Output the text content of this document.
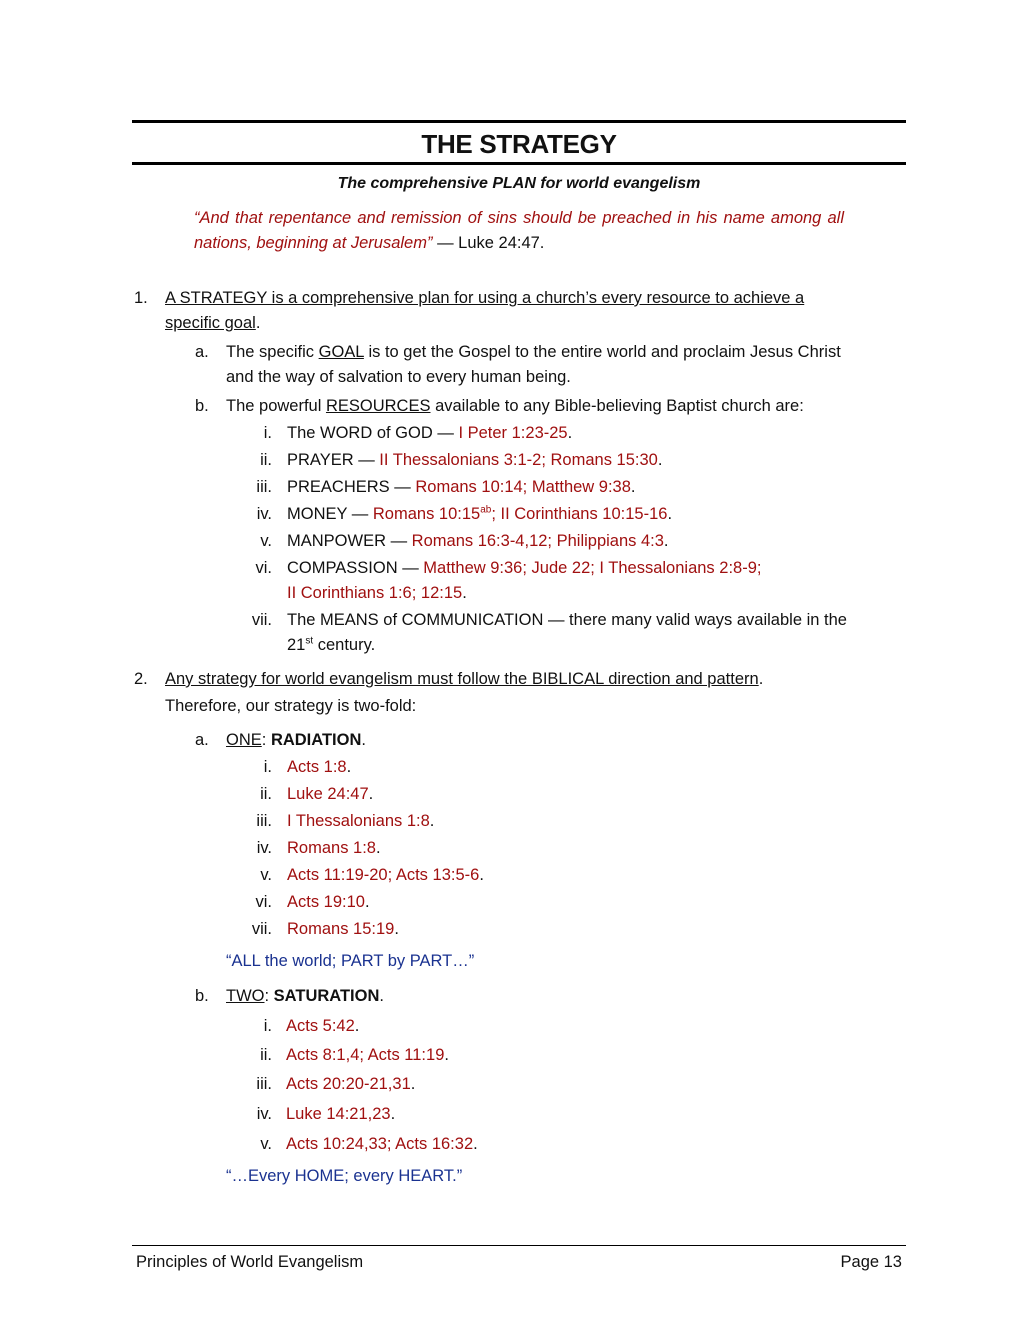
THE STRATEGY
The comprehensive PLAN for world evangelism
“And that repentance and remission of sins should be preached in his name among all nations, beginning at Jerusalem” — Luke 24:47.
1. A STRATEGY is a comprehensive plan for using a church’s every resource to achieve a
specific goal.
a. The specific GOAL is to get the Gospel to the entire world and proclaim Jesus Christ
and the way of salvation to every human being.
b. The powerful RESOURCES available to any Bible-believing Baptist church are:
i. The WORD of GOD — I Peter 1:23-25.
ii. PRAYER — II Thessalonians 3:1-2; Romans 15:30.
iii. PREACHERS — Romans 10:14; Matthew 9:38.
iv. MONEY — Romans $10:15^{ab}$; II Corinthians 10:15-16.
v. MANPOWER — Romans 16:3-4,12; Philippians 4:3.
vi. COMPASSION — Matthew 9:36; Jude 22; I Thessalonians 2:8-9;
II Corinthians 1:6; 12:15.
vii. The MEANS of COMMUNICATION — there many valid ways available in the
21st century.
2. Any strategy for world evangelism must follow the BIBLICAL direction and pattern.
Therefore, our strategy is two-fold:
a. ONE: RADIATION.
i. Acts 1:8.
ii. Luke 24:47.
iii. I Thessalonians 1:8.
iv. Romans 1:8.
v. Acts 11:19-20; Acts 13:5-6.
vi. Acts 19:10.
vii. Romans 15:19.
“ALL the world; PART by PART…”
b. TWO: SATURATION.
i. Acts 5:42.
ii. Acts 8:1,4; Acts 11:19.
iii. Acts 20:20-21,31.
iv. Luke 14:21,23.
v. Acts 10:24,33; Acts 16:32.
“…Every HOME; every HEART.”
Principles of World Evangelism	Page 13
